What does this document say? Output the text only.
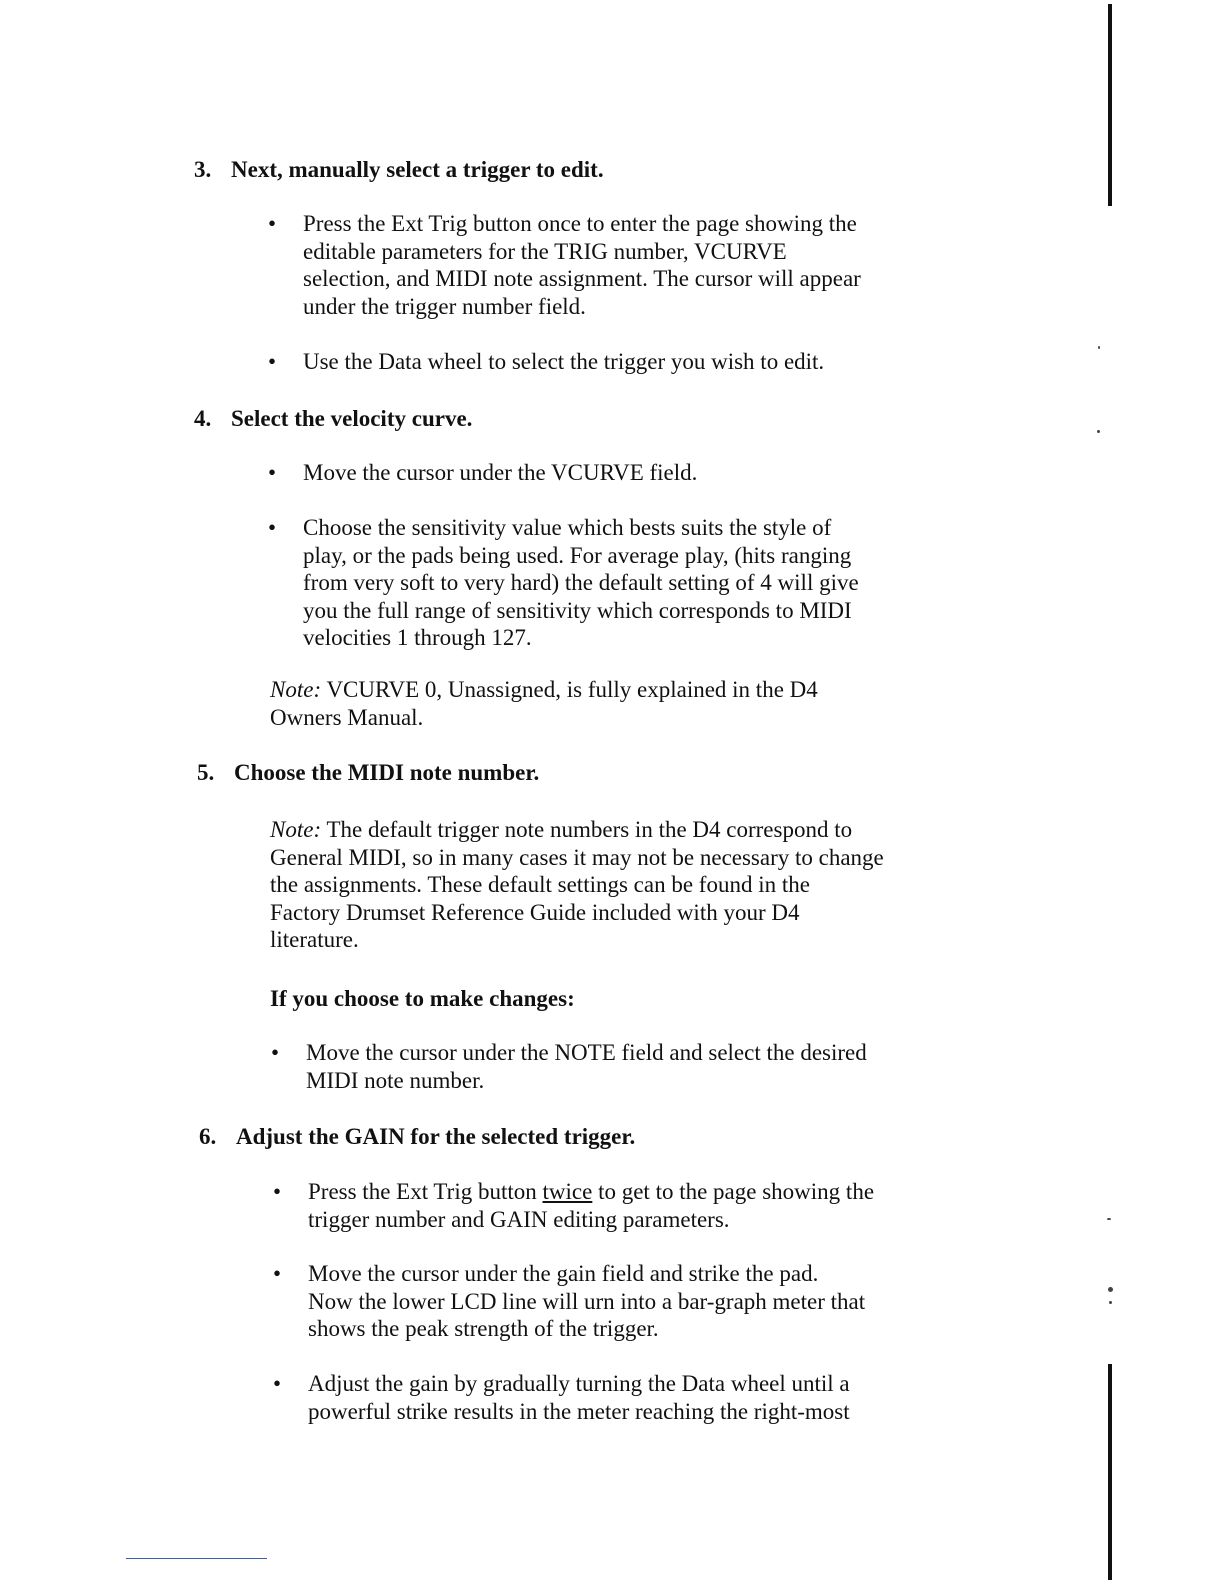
3. Next, manually select a trigger to edit.
• Press the Ext Trig button once to enter the page showing the
editable parameters for the TRIG number, VCURVE
selection, and MIDI note assignment. The cursor will appear
under the trigger number field.
• Use the Data wheel to select the trigger you wish to edit.
4. Select the velocity curve.
• Move the cursor under the VCURVE field.
• Choose the sensitivity value which bests suits the style of
play, or the pads being used. For average play, (hits ranging
from very soft to very hard) the default setting of 4 will give
you the full range of sensitivity which corresponds to MIDI
velocities 1 through 127.
Note: VCURVE 0, Unassigned, is fully explained in the D4
Owners Manual.
5. Choose the MIDI note number.
Note: The default trigger note numbers in the D4 correspond to
General MIDI, so in many cases it may not be necessary to change
the assignments. These default settings can be found in the
Factory Drumset Reference Guide included with your D4
literature.
If you choose to make changes:
• Move the cursor under the NOTE field and select the desired
MIDI note number.
6. Adjust the GAIN for the selected trigger.
• Press the Ext Trig button twice to get to the page showing the
trigger number and GAIN editing parameters.
• Move the cursor under the gain field and strike the pad.
Now the lower LCD line will urn into a bar-graph meter that
shows the peak strength of the trigger.
• Adjust the gain by gradually turning the Data wheel until a
powerful strike results in the meter reaching the right-most
